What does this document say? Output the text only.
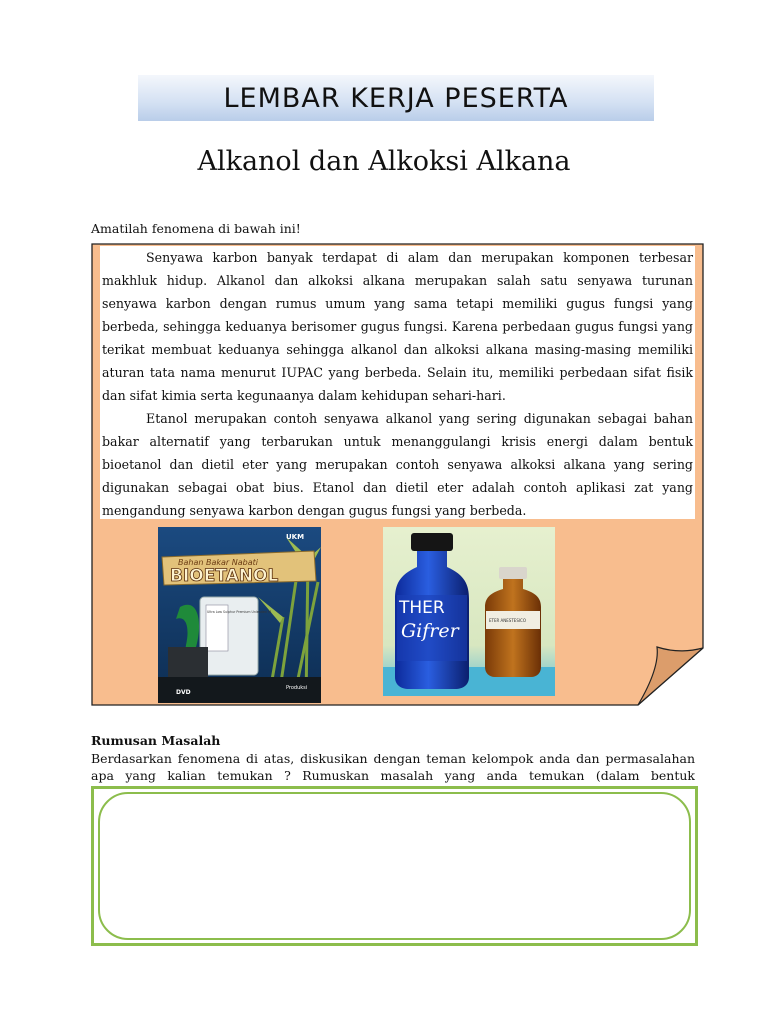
LEMBAR KERJA PESERTA
Alkanol dan Alkoksi Alkana
Amatilah fenomena di bawah ini!

Senyawa karbon banyak terdapat di alam dan merupakan komponen terbesar makhluk hidup. Alkanol dan alkoksi alkana merupakan salah satu senyawa turunan senyawa karbon dengan rumus umum yang sama tetapi memiliki gugus fungsi yang berbeda, sehingga keduanya berisomer gugus fungsi. Karena perbedaan gugus fungsi yang terikat membuat keduanya sehingga alkanol dan alkoksi alkana masing-masing memiliki aturan tata nama menurut IUPAC yang berbeda. Selain itu, memiliki perbedaan sifat fisik dan sifat kimia serta kegunaanya dalam kehidupan sehari-hari.

Etanol merupakan contoh senyawa alkanol yang sering digunakan sebagai bahan bakar alternatif yang terbarukan untuk menanggulangi krisis energi dalam bentuk bioetanol dan dietil eter yang merupakan contoh senyawa alkoksi alkana yang sering digunakan sebagai obat bius. Etanol dan dietil eter adalah contoh aplikasi zat yang mengandung senyawa karbon dengan gugus fungsi yang berbeda.

Bahan Bakar Nabati
BIOETANOL
UKM
Ultra Low Sulphur Premium Unleaded 91
DVD
Produksi
THER
Gifrer	ETER ANESTESICO
Rumusan Masalah
Berdasarkan fenomena di atas, diskusikan dengan teman kelompok anda dan permasalahan apa yang kalian temukan ? Rumuskan masalah yang anda temukan (dalam bentuk
